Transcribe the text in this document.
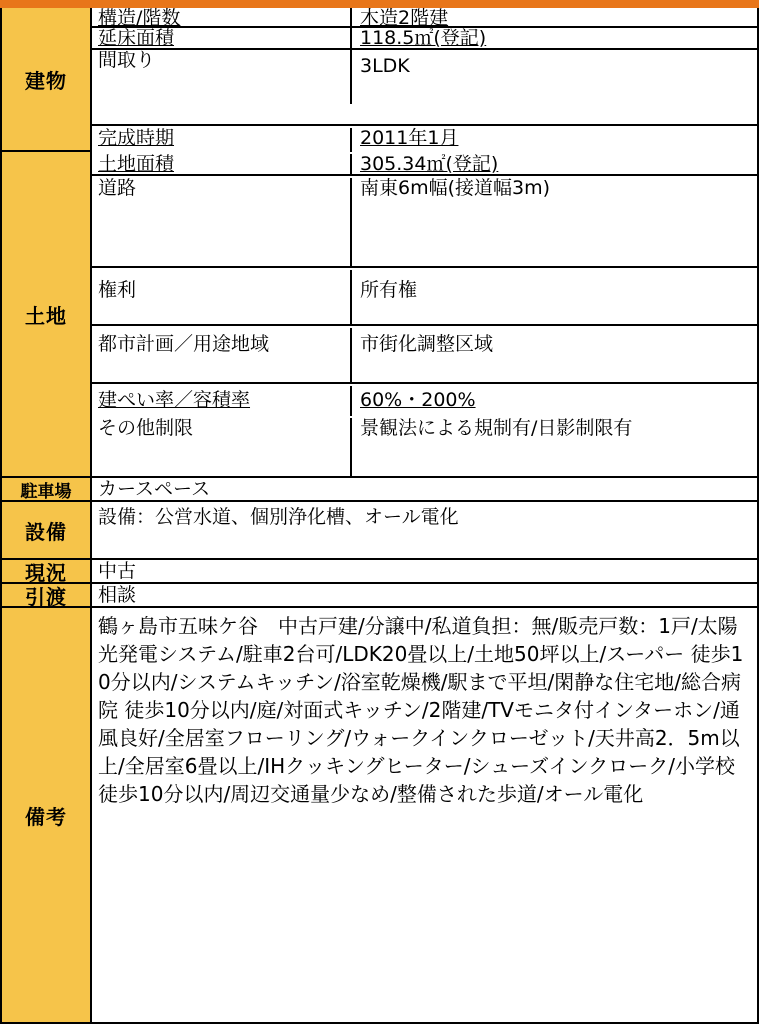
建物
構造/階数	木造2階建
延床面積	118.5㎡(登記)
間取り	3LDK
完成時期	2011年1月
土地
土地面積	305.34㎡(登記)
道路	南東6m幅(接道幅3m)
権利	所有権
都市計画／用途地域	市街化調整区域
建ぺい率／容積率	60%・200%
その他制限	景観法による規制有/日影制限有
駐車場	カースペース
設備
設備：公営水道、個別浄化槽、オール電化
現況	中古
引渡	相談
備考
鶴ヶ島市五味ケ谷　中古戸建/分譲中/私道負担：無/販売戸数：1戸/太陽光発電システム/駐車2台可/LDK20畳以上/土地50坪以上/スーパー 徒歩10分以内/システムキッチン/浴室乾燥機/駅まで平坦/閑静な住宅地/総合病院 徒歩10分以内/庭/対面式キッチン/2階建/TVモニタ付インターホン/通風良好/全居室フローリング/ウォークインクローゼット/天井高2．5m以上/全居室6畳以上/IHクッキングヒーター/シューズインクローク/小学校 徒歩10分以内/周辺交通量少なめ/整備された歩道/オール電化
